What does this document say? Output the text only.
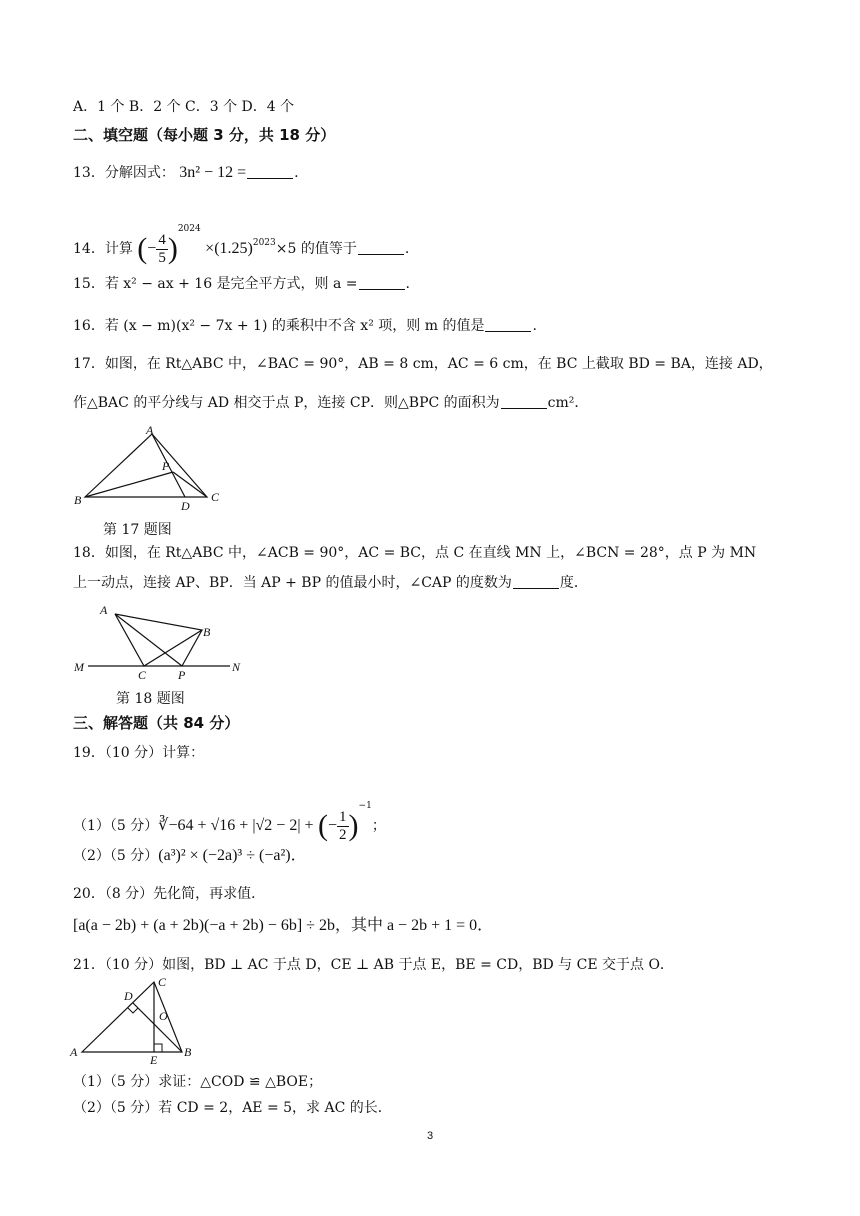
A．1 个 B．2 个 C．3 个 D．4 个
二、填空题（每小题 3 分，共 18 分）
13．分解因式： 3n² − 12 =	.
14．计算 (− $\frac{4}{5} )^{2024} \times(1.25)^{2023}\times 5$ 的值等于	.
15．若 x² − ax + 16 是完全平方式，则 a =	.
16．若 (x − m)(x² − 7x + 1) 的乘积中不含 x² 项，则 m 的值是	.
17．如图，在 Rt△ABC 中，∠BAC = 90°，AB = 8 cm，AC = 6 cm，在 BC 上截取 BD = BA，连接 AD，
作△BAC 的平分线与 AD 相交于点 P，连接 CP．则△BPC 的面积为	cm²．
A
B	C
D
P
第 17 题图
18．如图，在 Rt△ABC 中，∠ACB = 90°，AC = BC，点 C 在直线 MN 上，∠BCN = 28°，点 P 为 MN
上一动点，连接 AP、BP．当 AP + BP 的值最小时，∠CAP 的度数为	度．
A
B
C	P
M	N
第 18 题图
三、解答题（共 84 分）
19．（10 分）计算：
（1）（5 分）∛−64 + √16 + |√2 − 2| + (− $\frac{1}{2} )^{-1}$；
（2）（5 分）(a³)² × (−2a)³ ÷ (−a²)．
20．（8 分）先化简，再求值．
[a(a − 2b) + (a + 2b)(−a + 2b) − 6b] ÷ 2b，其中 a − 2b + 1 = 0．
21．（10 分）如图，BD ⊥ AC 于点 D，CE ⊥ AB 于点 E，BE = CD，BD 与 CE 交于点 O．
A	B
C
D
E
O
（1）（5 分）求证：△COD ≌ △BOE；
（2）（5 分）若 CD = 2，AE = 5，求 AC 的长．
3
